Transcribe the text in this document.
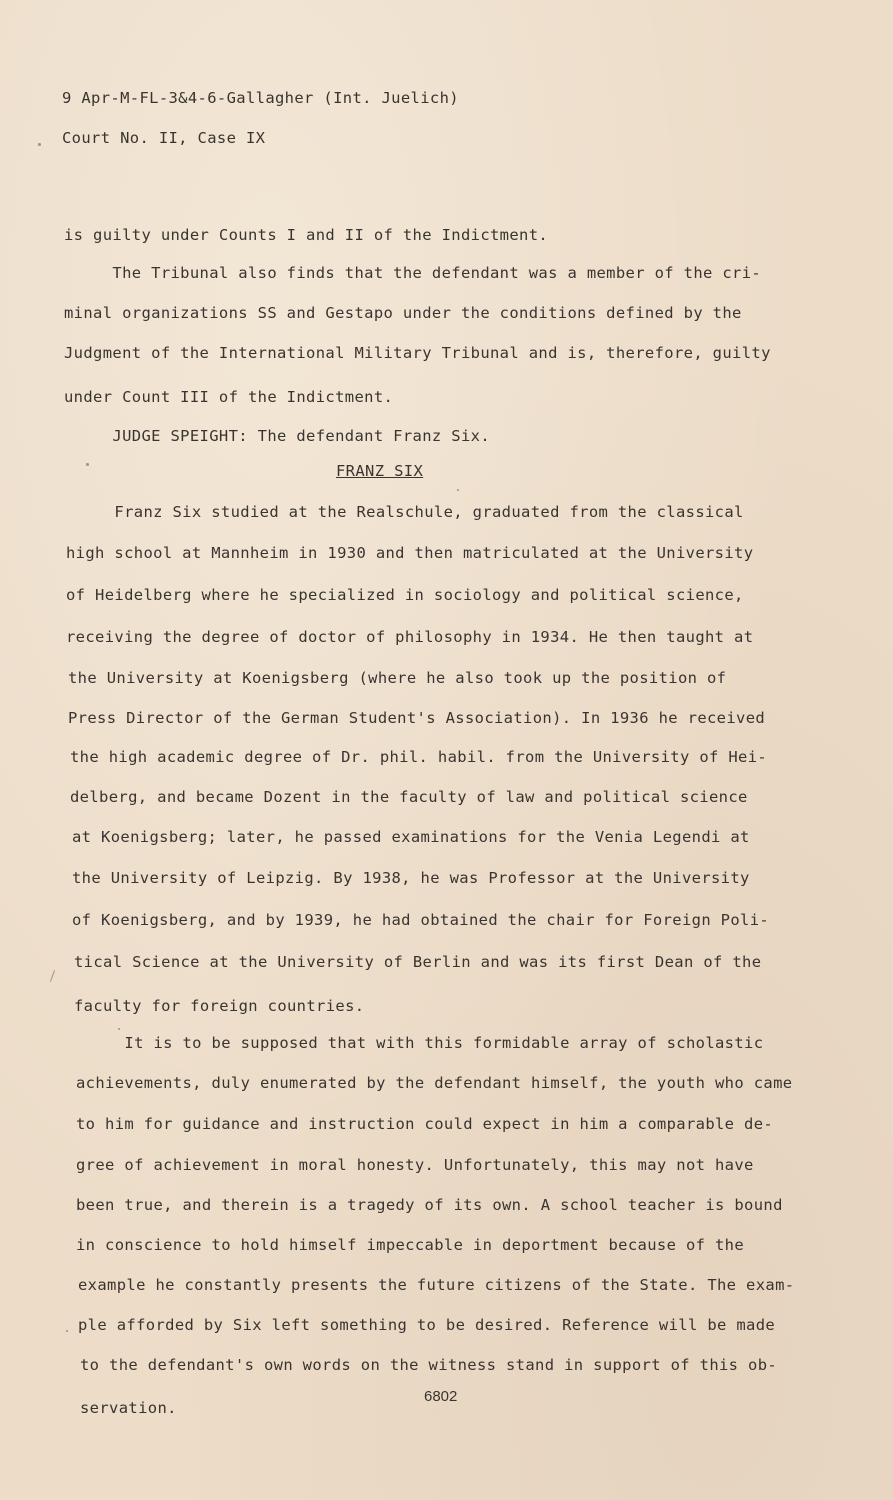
9 Apr-M-FL-3&4-6-Gallagher (Int. Juelich)
Court No. II, Case IX
is guilty under Counts I and II of the Indictment.
The Tribunal also finds that the defendant was a member of the cri-
minal organizations SS and Gestapo under the conditions defined by the
Judgment of the International Military Tribunal and is, therefore, guilty
under Count III of the Indictment.
JUDGE SPEIGHT: The defendant Franz Six.
FRANZ SIX
Franz Six studied at the Realschule, graduated from the classical
high school at Mannheim in 1930 and then matriculated at the University
of Heidelberg where he specialized in sociology and political science,
receiving the degree of doctor of philosophy in 1934. He then taught at
the University at Koenigsberg (where he also took up the position of
Press Director of the German Student's Association). In 1936 he received
the high academic degree of Dr. phil. habil. from the University of Hei-
delberg, and became Dozent in the faculty of law and political science
at Koenigsberg; later, he passed examinations for the Venia Legendi at
the University of Leipzig. By 1938, he was Professor at the University
of Koenigsberg, and by 1939, he had obtained the chair for Foreign Poli-
tical Science at the University of Berlin and was its first Dean of the
faculty for foreign countries.
It is to be supposed that with this formidable array of scholastic
achievements, duly enumerated by the defendant himself, the youth who came
to him for guidance and instruction could expect in him a comparable de-
gree of achievement in moral honesty. Unfortunately, this may not have
been true, and therein is a tragedy of its own. A school teacher is bound
in conscience to hold himself impeccable in deportment because of the
example he constantly presents the future citizens of the State. The exam-
ple afforded by Six left something to be desired. Reference will be made
to the defendant's own words on the witness stand in support of this ob-
servation.
6802
